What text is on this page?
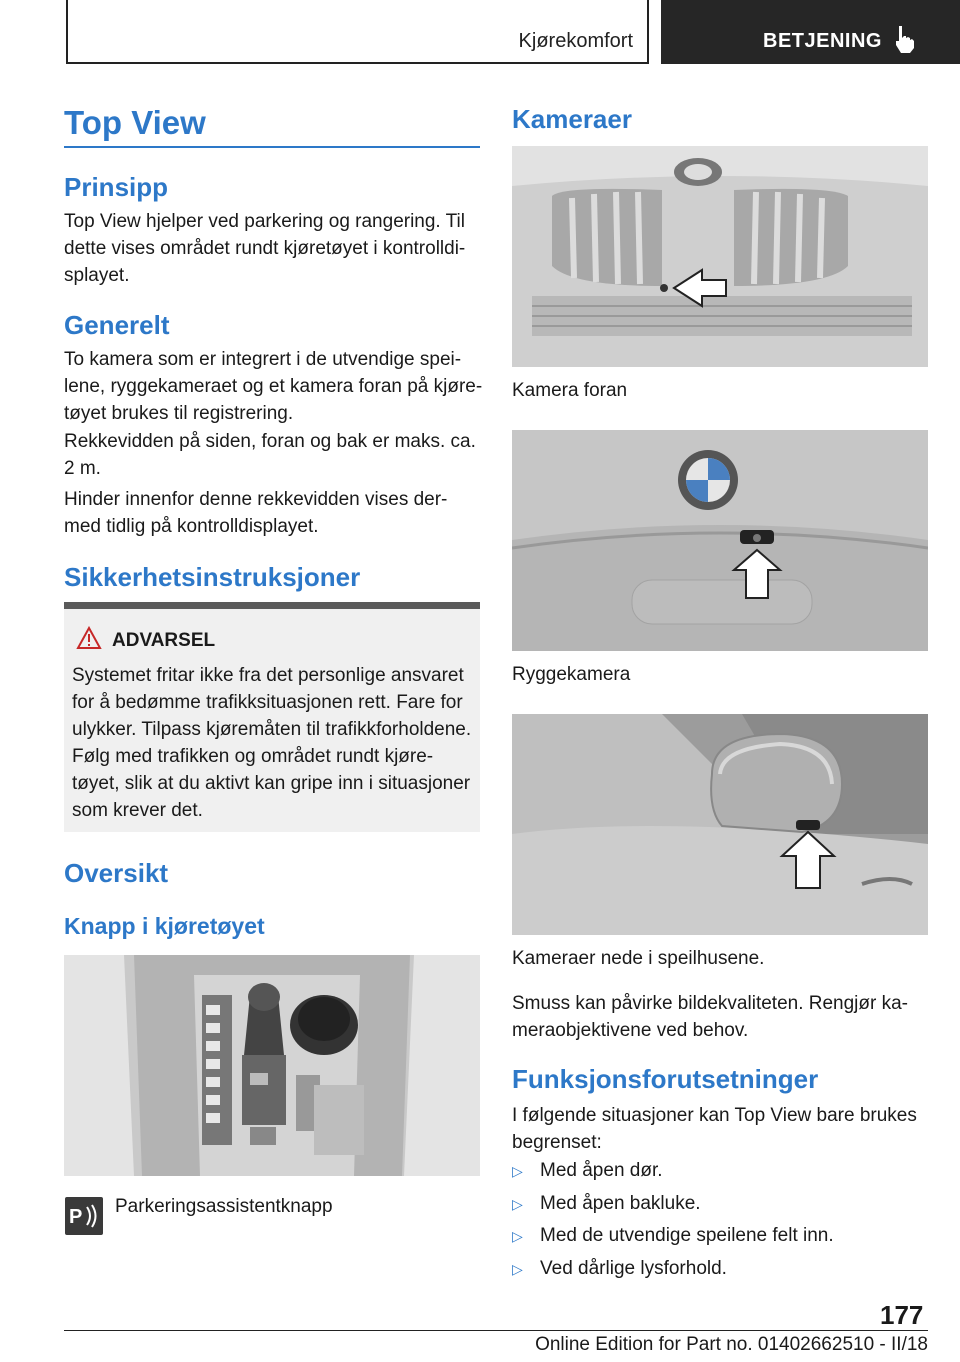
Kjørekomfort	BETJENING
Top View
Prinsipp
Top View hjelper ved parkering og rangering. Til
dette vises området rundt kjøretøyet i kontrolldi-
splayet.
Generelt
To kamera som er integrert i de utvendige spei-
lene, ryggekameraet og et kamera foran på kjøre-
tøyet brukes til registrering.
Rekkevidden på siden, foran og bak er maks. ca.
2 m.
Hinder innenfor denne rekkevidden vises der-
med tidlig på kontrolldisplayet.
Sikkerhetsinstruksjoner
ADVARSEL
Systemet fritar ikke fra det personlige ansvaret
for å bedømme trafikksituasjonen rett. Fare for
ulykker. Tilpass kjøremåten til trafikkforholdene.
Følg med trafikken og området rundt kjøre-
tøyet, slik at du aktivt kan gripe inn i situasjoner
som krever det.
Oversikt
Knapp i kjøretøyet
P Parkeringsassistentknapp
Kameraer
Kamera foran
Ryggekamera
Kameraer nede i speilhusene.
Smuss kan påvirke bildekvaliteten. Rengjør ka-
meraobjektivene ved behov.
Funksjonsforutsetninger
I følgende situasjoner kan Top View bare brukes
begrenset:
▷ Med åpen dør.
▷ Med åpen bakluke.
▷ Med de utvendige speilene felt inn.
▷ Ved dårlige lysforhold.
177
Online Edition for Part no. 01402662510 - II/18
